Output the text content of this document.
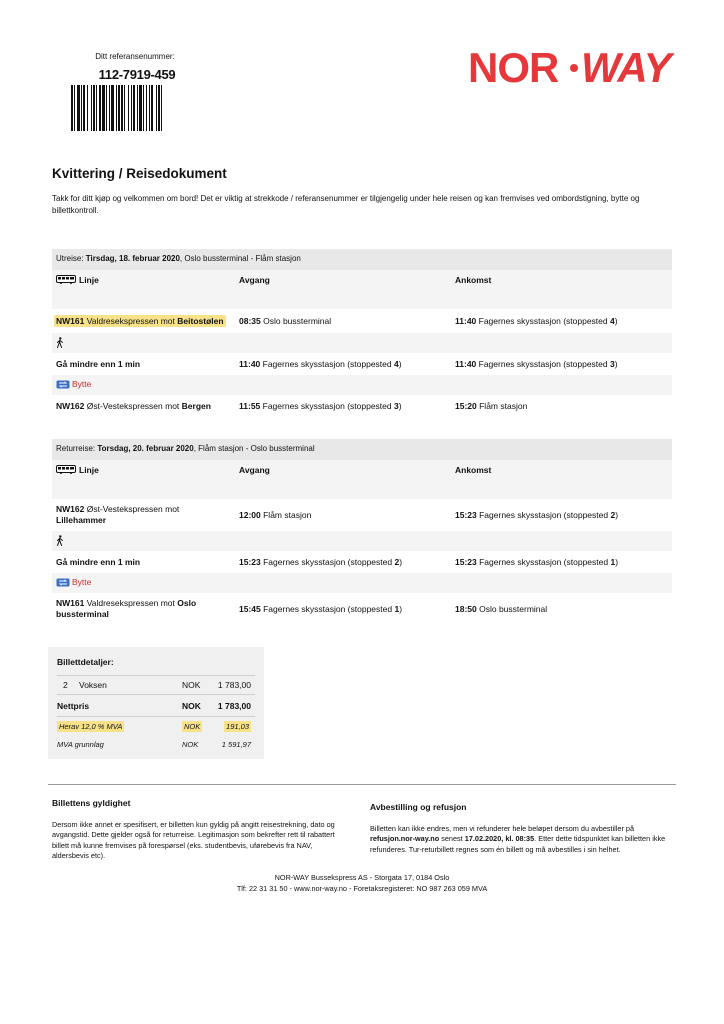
Ditt referansenummer:
112-7919-459	NOR WAY
Kvittering / Reisedokument
Takk for ditt kjøp og velkommen om bord! Det er viktig at strekkode / referansenummer er tilgjengelig under hele reisen og kan fremvises ved ombordstigning, bytte og billettkontroll.
Utreise: Tirsdag, 18. februar 2020, Oslo bussterminal - Flåm stasjon
Linje	Avgang	Ankomst
NW161 Valdresekspressen mot Beitostølen	08:35 Oslo bussterminal	11:40 Fagernes skysstasjon (stoppested 4)
Gå mindre enn 1 min	11:40 Fagernes skysstasjon (stoppested 4)	11:40 Fagernes skysstasjon (stoppested 3)
Bytte
NW162 Øst-Vestekspressen mot Bergen	11:55 Fagernes skysstasjon (stoppested 3)	15:20 Flåm stasjon
Returreise: Torsdag, 20. februar 2020, Flåm stasjon - Oslo bussterminal
Linje	Avgang	Ankomst
NW162 Øst-Vestekspressen mot Lillehammer	12:00 Flåm stasjon	15:23 Fagernes skysstasjon (stoppested 2)
Gå mindre enn 1 min	15:23 Fagernes skysstasjon (stoppested 2)	15:23 Fagernes skysstasjon (stoppested 1)
Bytte
NW161 Valdresekspressen mot Oslo bussterminal	15:45 Fagernes skysstasjon (stoppested 1)	18:50 Oslo bussterminal
Billettdetaljer:
2 Voksen	NOK	1 783,00
Nettpris	NOK	1 783,00
Herav 12,0 % MVA	NOK	191,03
MVA grunnlag	NOK	1 591,97
Billettens gyldighet

Dersom ikke annet er spesifisert, er billetten kun gyldig på angitt reisestrekning, dato og avgangstid. Dette gjelder også for returreise. Legitimasjon som bekrefter rett til rabattert billett må kunne fremvises på forespørsel (eks. studentbevis, uførebevis fra NAV, aldersbevis etc).

Avbestilling og refusjon

Billetten kan ikke endres, men vi refunderer hele beløpet dersom du avbestiller på refusjon.nor-way.no senest 17.02.2020, kl. 08:35. Etter dette tidspunktet kan billetten ikke refunderes. Tur-returbillett regnes som én billett og må avbestilles i sin helhet.

NOR-WAY Bussekspress AS - Storgata 17, 0184 Oslo
Tlf: 22 31 31 50 - www.nor-way.no - Foretaksregisteret: NO 987 263 059 MVA
